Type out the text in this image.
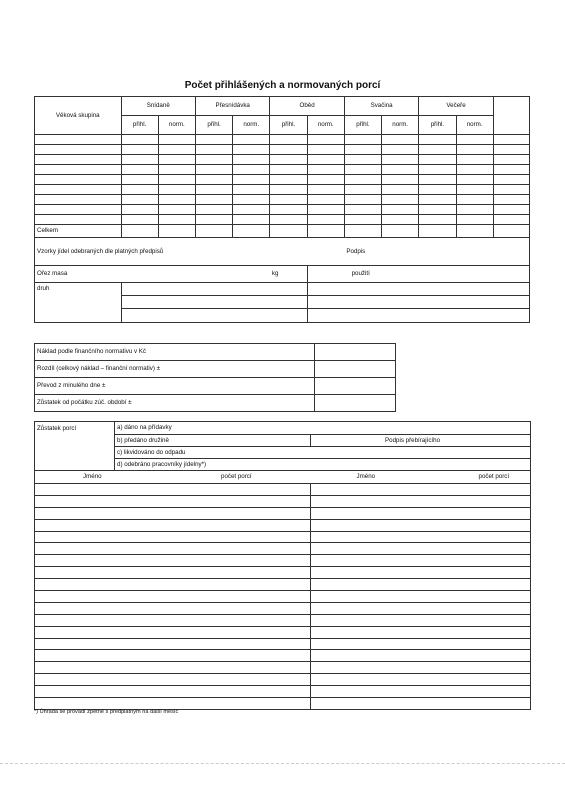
Počet přihlášených a normovaných porcí
Věková skupina	Snídaně		Přesnídávka		Oběd		Svačina		Večeře		
	přihl.	norm.	přihl.	norm.	přihl.	norm.	přihl.	norm.	přihl.	norm.	

Celkem											
Vzorky jídel odebraných dle platných předpisů							Podpis				
Ořez masa					kg	použití					
druh											

Náklad podle finančního normativu v Kč	
Rozdíl (celkový náklad – finanční normativ) ±	
Převod z minulého dne ±	
Zůstatek od počátku zúč. období ±	
Zůstatek porcí	a) dáno na přídavky	
	b) předáno družině	Podpis přebírajícího
	c) likvidováno do odpadu	
	d) odebráno pracovníky jídelny*)	

Jméno počet porcí		Jméno počet porcí

*) Úhrada se provádí zpětně s předplatným na další měsíc
